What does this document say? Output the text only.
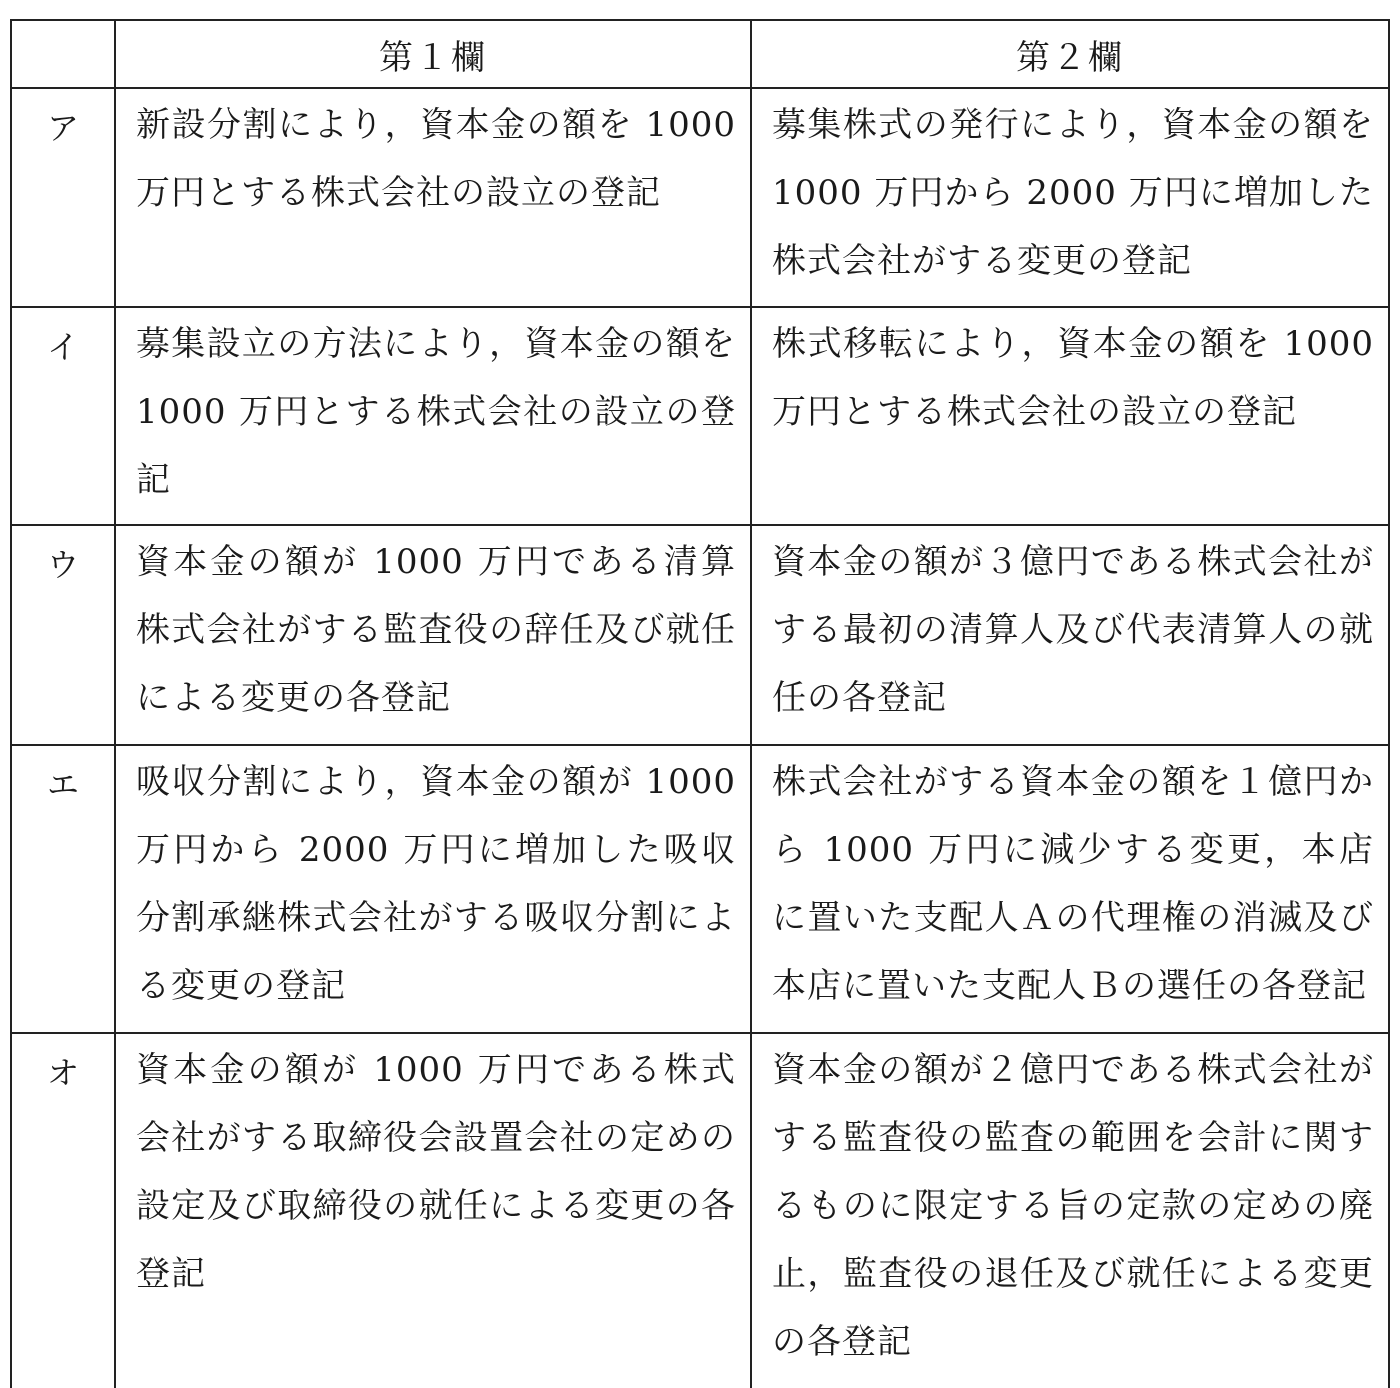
	第１欄	第２欄
ア	新設分割により，資本金の額を 1000 万円とする株式会社の設立の登記	募集株式の発行により，資本金の額を 1000 万円から 2000 万円に増加した株式会社がする変更の登記

イ	募集設立の方法により，資本金の額を 1000 万円とする株式会社の設立の登記	株式移転により，資本金の額を 1000 万円とする株式会社の設立の登記

ウ	資本金の額が 1000 万円である清算株式会社がする監査役の辞任及び就任による変更の各登記	資本金の額が３億円である株式会社がする最初の清算人及び代表清算人の就任の各登記

エ	吸収分割により，資本金の額が 1000 万円から 2000 万円に増加した吸収分割承継株式会社がする吸収分割による変更の登記	株式会社がする資本金の額を１億円から 1000 万円に減少する変更，本店に置いた支配人Ａの代理権の消滅及び本店に置いた支配人Ｂの選任の各登記

オ	資本金の額が 1000 万円である株式会社がする取締役会設置会社の定めの設定及び取締役の就任による変更の各登記	資本金の額が２億円である株式会社がする監査役の監査の範囲を会計に関するものに限定する旨の定款の定めの廃止，監査役の退任及び就任による変更の各登記
